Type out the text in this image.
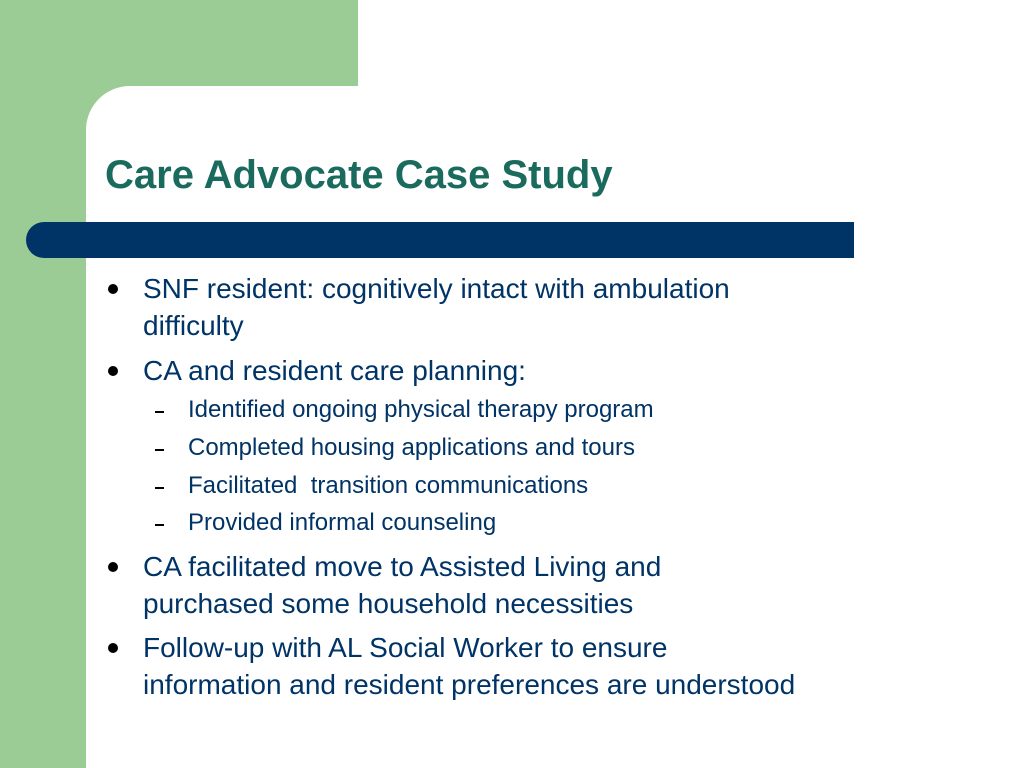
Care Advocate Case Study
SNF resident: cognitively intact with ambulation
difficulty
CA and resident care planning:
Identified ongoing physical therapy program
Completed housing applications and tours
Facilitated  transition communications
Provided informal counseling
CA facilitated move to Assisted Living and
purchased some household necessities
Follow-up with AL Social Worker to ensure
information and resident preferences are understood
